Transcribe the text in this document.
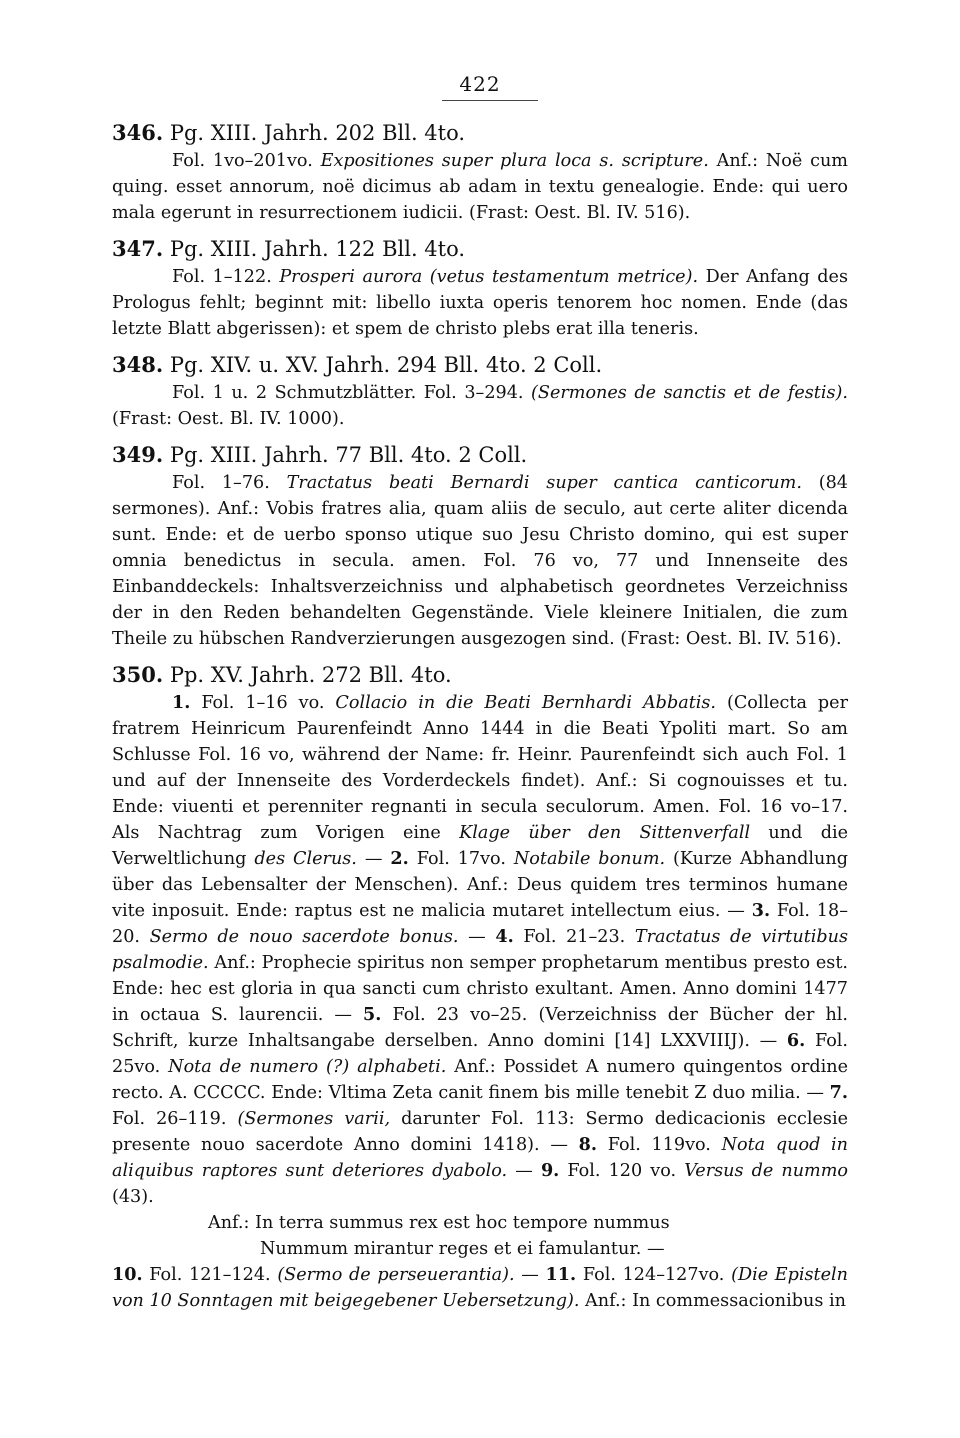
422
346. Pg. XIII. Jahrh. 202 Bll. 4to.
Fol. 1vo–201vo. Expositiones super plura loca s. scripture. Anf.: Noë cum quing. esset annorum, noë dicimus ab adam in textu genealogie. Ende: qui uero mala egerunt in resurrectionem iudicii. (Frast: Oest. Bl. IV. 516).
347. Pg. XIII. Jahrh. 122 Bll. 4to.
Fol. 1–122. Prosperi aurora (vetus testamentum metrice). Der Anfang des Prologus fehlt; beginnt mit: libello iuxta operis tenorem hoc nomen. Ende (das letzte Blatt abgerissen): et spem de christo plebs erat illa teneris.
348. Pg. XIV. u. XV. Jahrh. 294 Bll. 4to. 2 Coll.
Fol. 1 u. 2 Schmutzblätter. Fol. 3–294. (Sermones de sanctis et de festis). (Frast: Oest. Bl. IV. 1000).
349. Pg. XIII. Jahrh. 77 Bll. 4to. 2 Coll.
Fol. 1–76. Tractatus beati Bernardi super cantica canticorum. (84 sermones). Anf.: Vobis fratres alia, quam aliis de seculo, aut certe aliter dicenda sunt. Ende: et de uerbo sponso utique suo Jesu Christo domino, qui est super omnia benedictus in secula. amen. Fol. 76 vo, 77 und Innenseite des Einbanddeckels: Inhaltsverzeichniss und alphabetisch geordnetes Verzeichniss der in den Reden behandelten Gegenstände. Viele kleinere Initialen, die zum Theile zu hübschen Randverzierungen ausgezogen sind. (Frast: Oest. Bl. IV. 516).
350. Pp. XV. Jahrh. 272 Bll. 4to.
1. Fol. 1–16 vo. Collacio in die Beati Bernhardi Abbatis. (Collecta per fratrem Heinricum Paurenfeindt Anno 1444 in die Beati Ypoliti mart. So am Schlusse Fol. 16 vo, während der Name: fr. Heinr. Paurenfeindt sich auch Fol. 1 und auf der Innenseite des Vorderdeckels findet). Anf.: Si cognouisses et tu. Ende: viuenti et perenniter regnanti in secula seculorum. Amen. Fol. 16 vo–17. Als Nachtrag zum Vorigen eine Klage über den Sittenverfall und die Verweltlichung des Clerus. — 2. Fol. 17vo. Notabile bonum. (Kurze Abhandlung über das Lebensalter der Menschen). Anf.: Deus quidem tres terminos humane vite inposuit. Ende: raptus est ne malicia mutaret intellectum eius. — 3. Fol. 18–20. Sermo de nouo sacerdote bonus. — 4. Fol. 21–23. Tractatus de virtutibus psalmodie. Anf.: Prophecie spiritus non semper prophetarum mentibus presto est. Ende: hec est gloria in qua sancti cum christo exultant. Amen. Anno domini 1477 in octaua S. laurencii. — 5. Fol. 23 vo–25. (Verzeichniss der Bücher der hl. Schrift, kurze Inhaltsangabe derselben. Anno domini [14] LXXVIIIJ). — 6. Fol. 25vo. Nota de numero (?) alphabeti. Anf.: Possidet A numero quingentos ordine recto. A. CCCCC. Ende: Vltima Zeta canit finem bis mille tenebit Z duo milia. — 7. Fol. 26–119. (Sermones varii, darunter Fol. 113: Sermo dedicacionis ecclesie presente nouo sacerdote Anno domini 1418). — 8. Fol. 119vo. Nota quod in aliquibus raptores sunt deteriores dyabolo. — 9. Fol. 120 vo. Versus de nummo (43).
Anf.: In terra summus rex est hoc tempore nummus
Nummum mirantur reges et ei famulantur. —
10. Fol. 121–124. (Sermo de perseuerantia). — 11. Fol. 124–127vo. (Die Episteln von 10 Sonntagen mit beigegebener Uebersetzung). Anf.: In commessacionibus in
